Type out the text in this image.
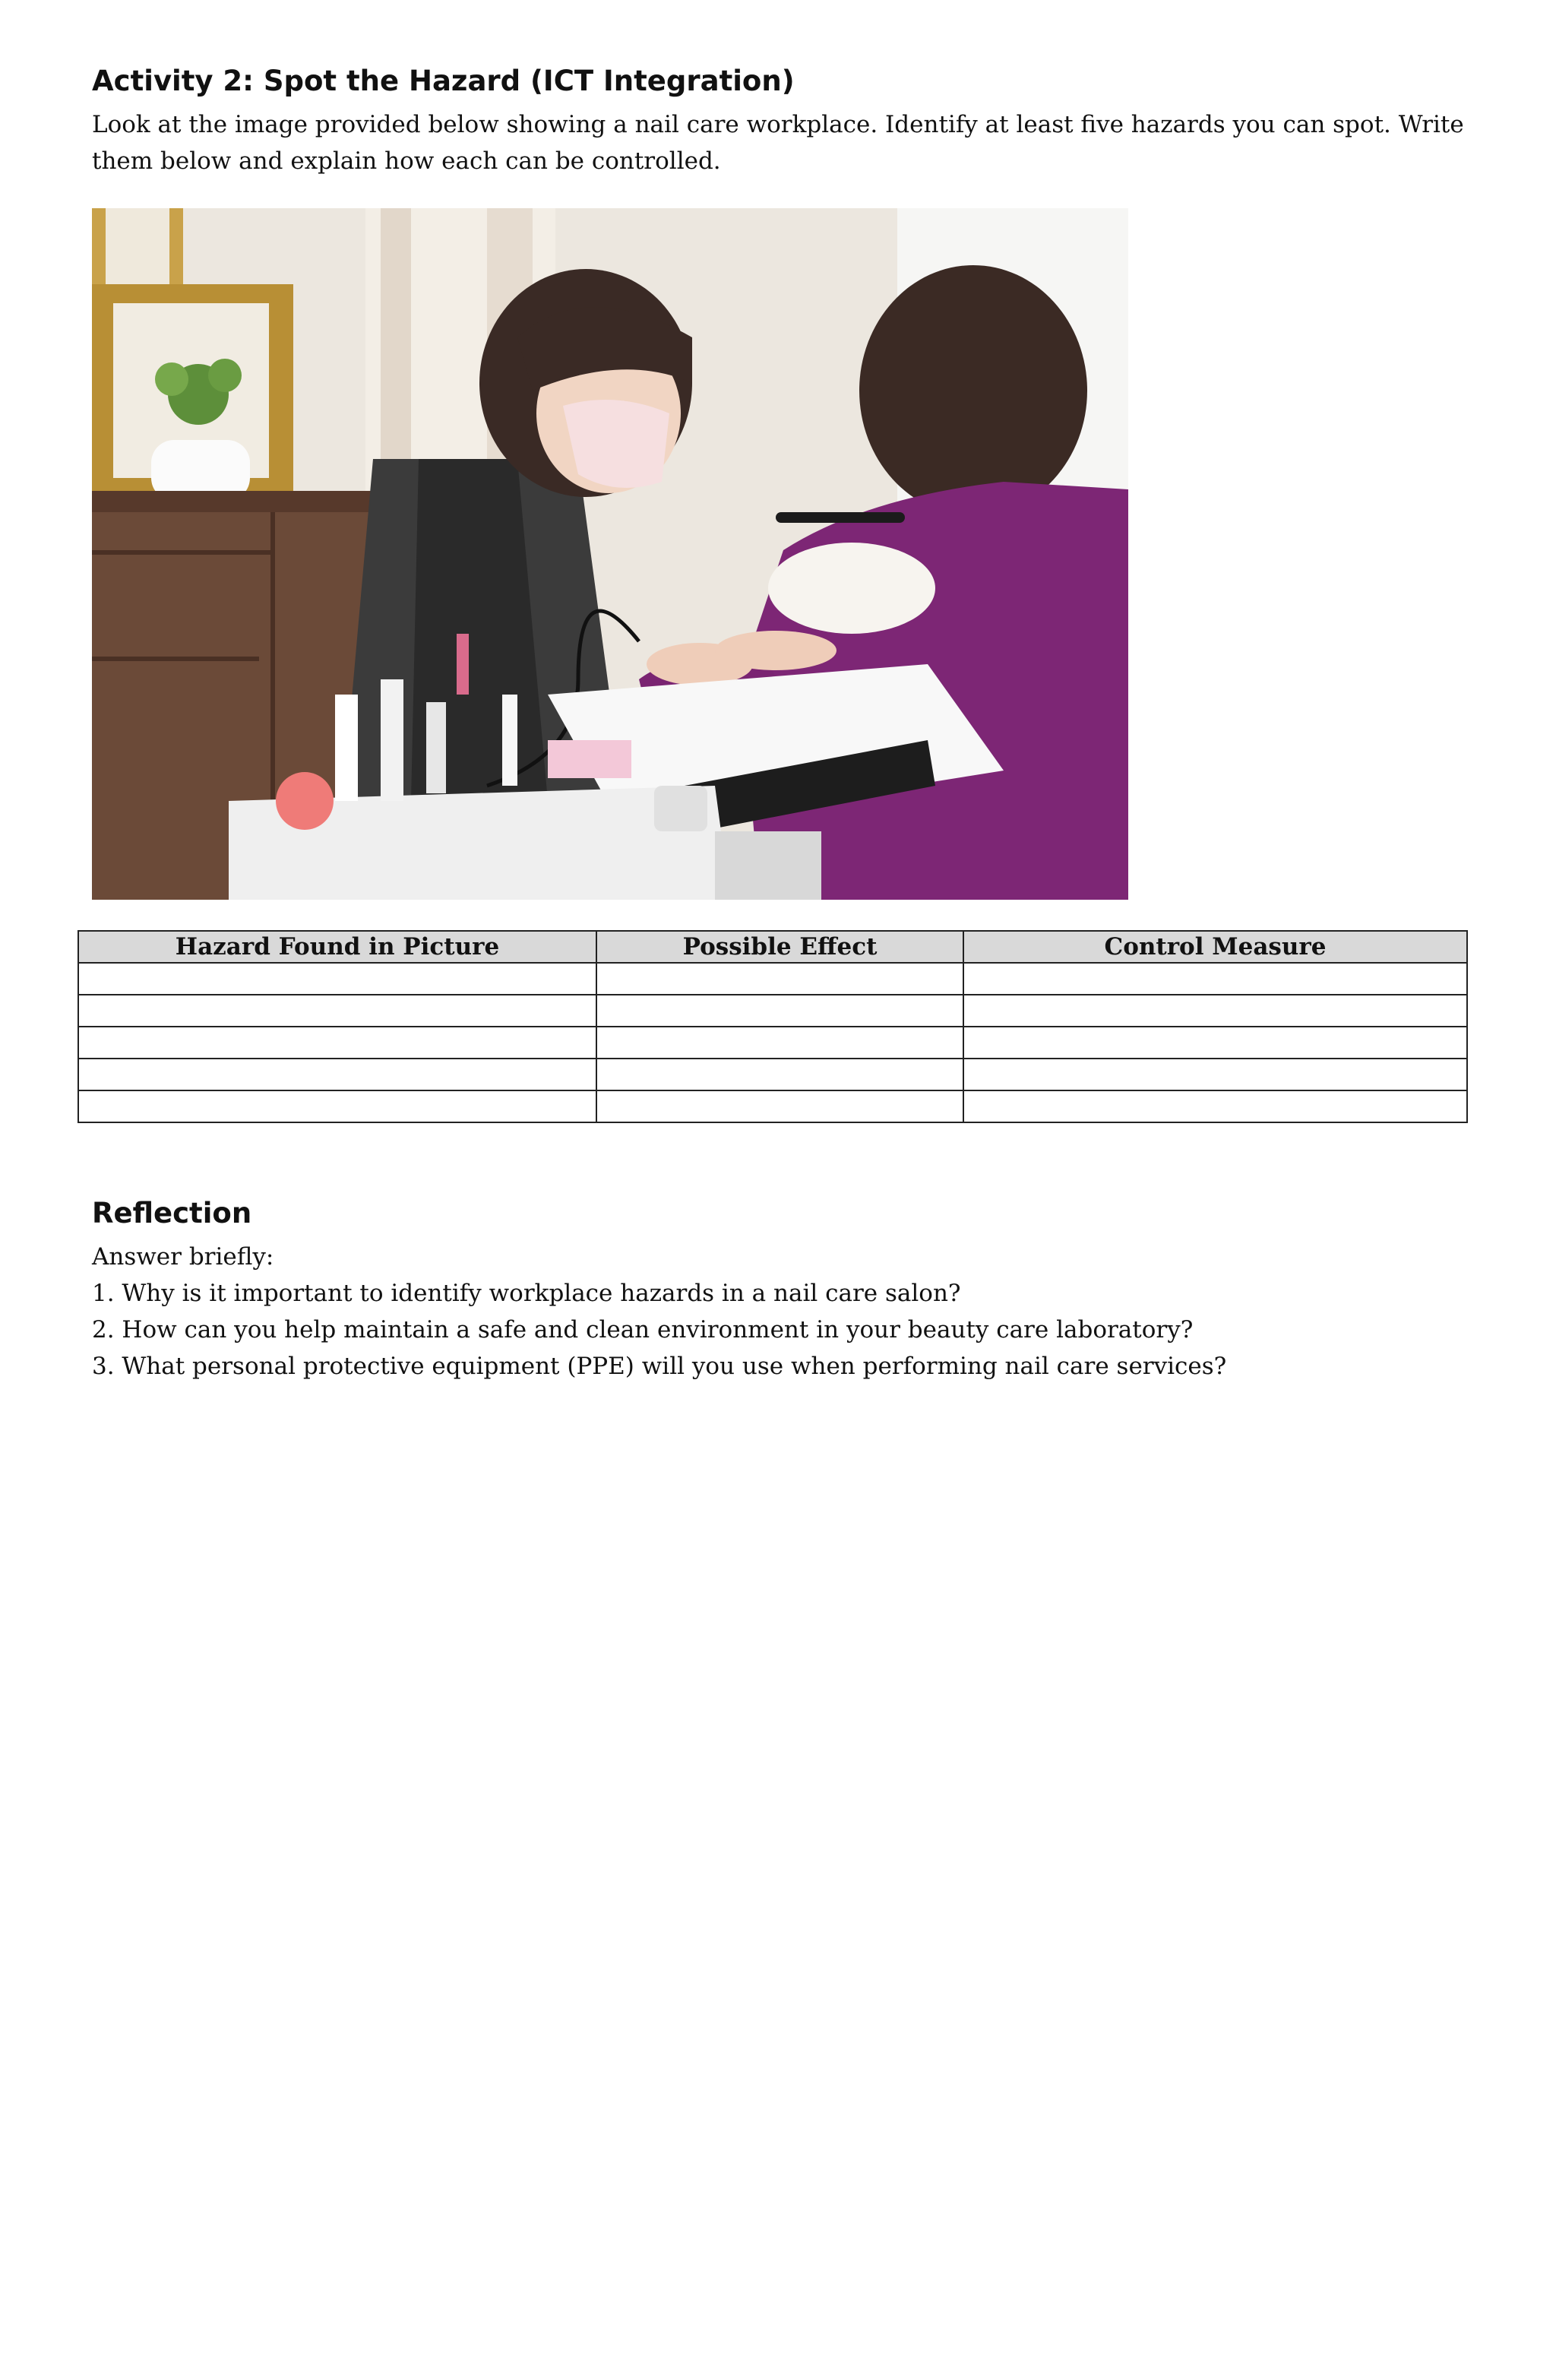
Activity 2: Spot the Hazard (ICT Integration)

Look at the image provided below showing a nail care workplace. Identify at least five hazards you can spot. Write them below and explain how each can be controlled.

Hazard Found in Picture	Possible Effect	Control Measure

Reflection

Answer briefly:

1. Why is it important to identify workplace hazards in a nail care salon?

2. How can you help maintain a safe and clean environment in your beauty care laboratory?

3. What personal protective equipment (PPE) will you use when performing nail care services?
